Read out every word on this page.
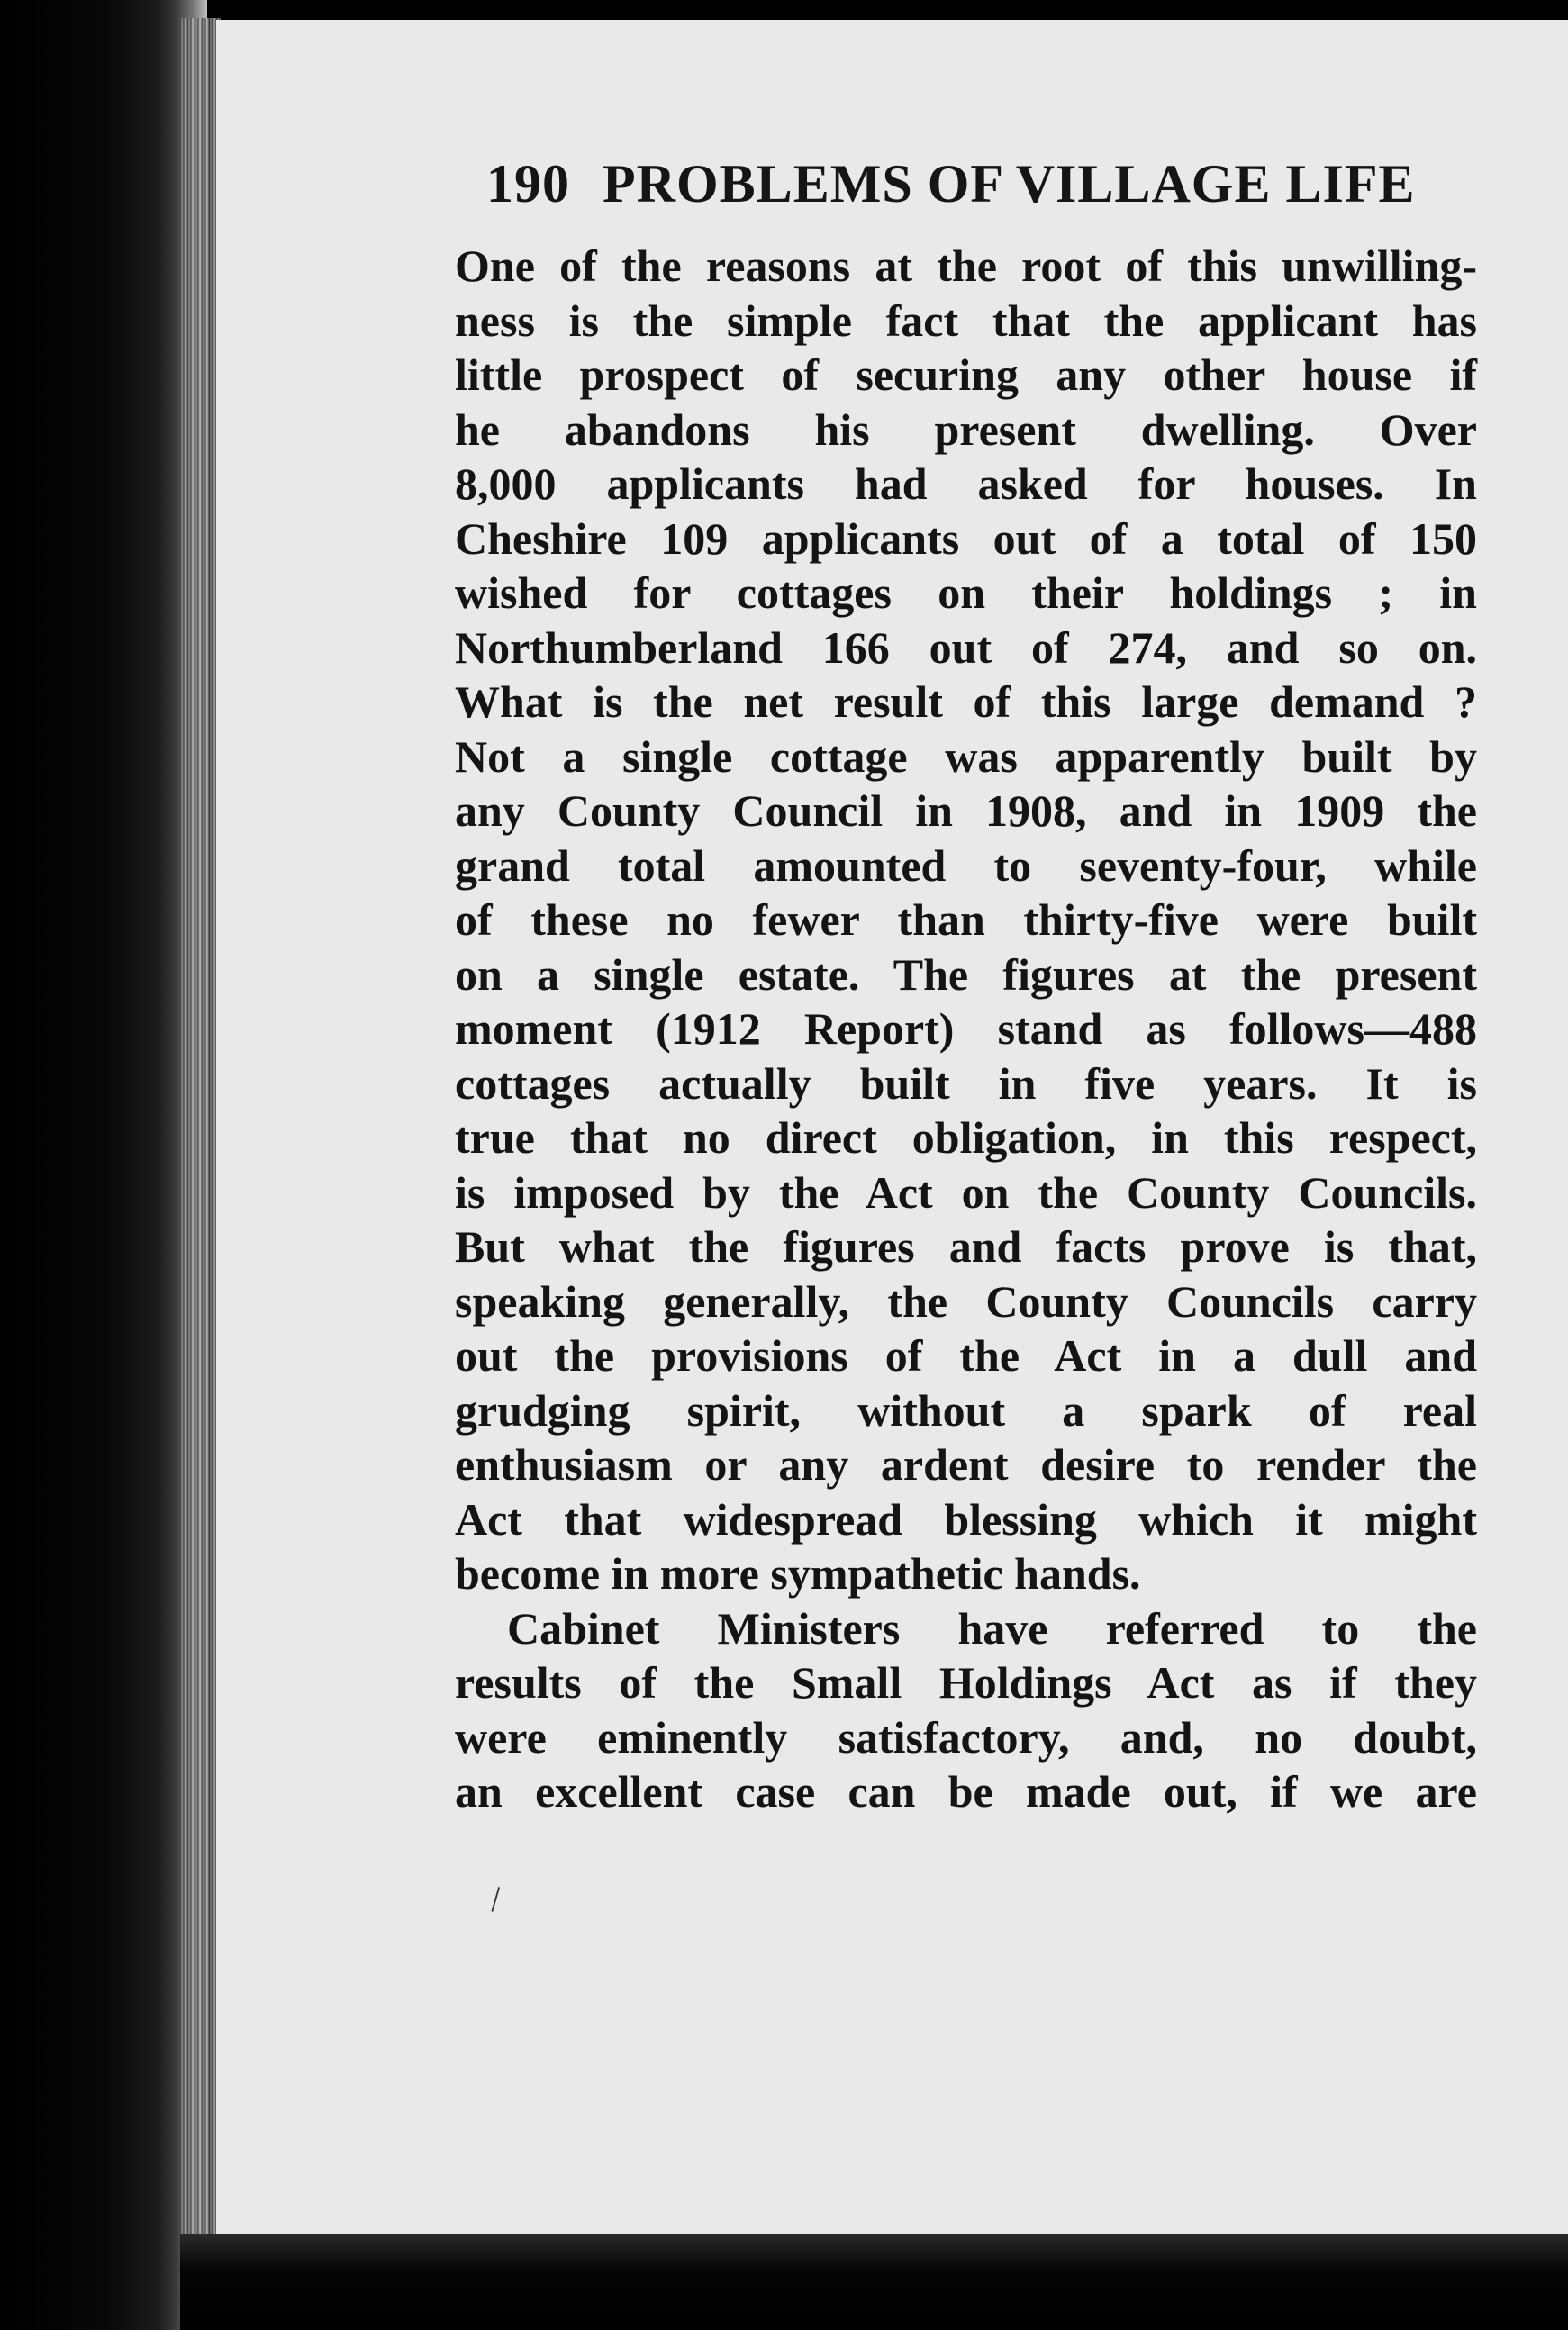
190 PROBLEMS OF VILLAGE LIFE
One of the reasons at the root of this unwilling-
ness is the simple fact that the applicant has
little prospect of securing any other house if
he abandons his present dwelling. Over
8,000 applicants had asked for houses. In
Cheshire 109 applicants out of a total of 150
wished for cottages on their holdings ; in
Northumberland 166 out of 274, and so on.
What is the net result of this large demand ?
Not a single cottage was apparently built by
any County Council in 1908, and in 1909 the
grand total amounted to seventy-four, while
of these no fewer than thirty-five were built
on a single estate. The figures at the present
moment (1912 Report) stand as follows—488
cottages actually built in five years. It is
true that no direct obligation, in this respect,
is imposed by the Act on the County Councils.
But what the figures and facts prove is that,
speaking generally, the County Councils carry
out the provisions of the Act in a dull and
grudging spirit, without a spark of real
enthusiasm or any ardent desire to render the
Act that widespread blessing which it might
become in more sympathetic hands.
Cabinet Ministers have referred to the
results of the Small Holdings Act as if they
were eminently satisfactory, and, no doubt,
an excellent case can be made out, if we are
\
